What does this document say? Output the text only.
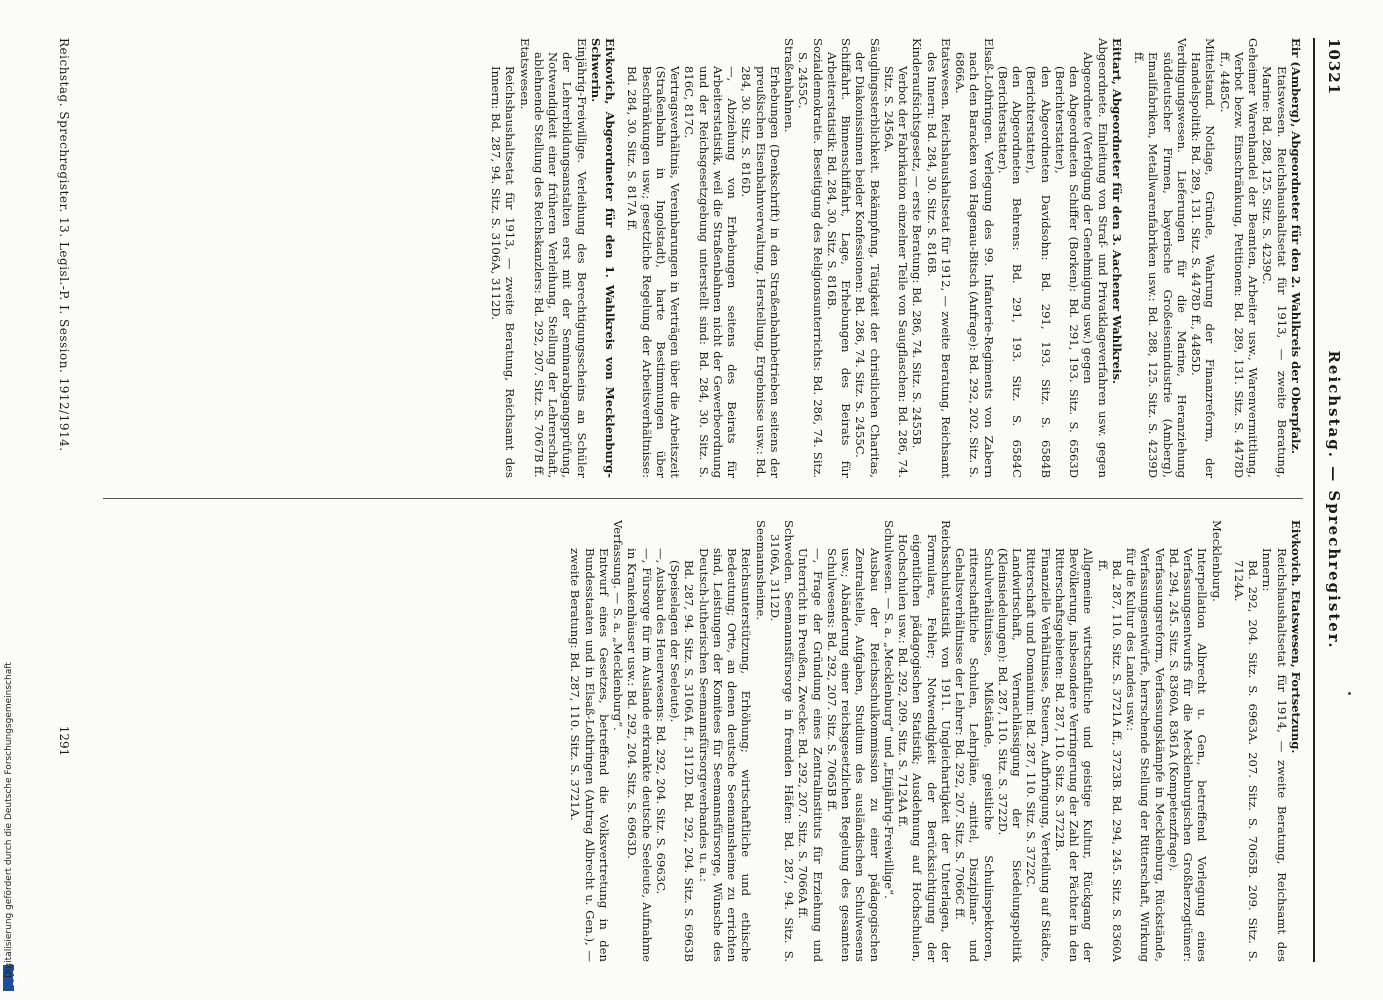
Reichstag. — Sprechregister.
10321

Eir (Amberg), Abgeordneter für den 2. Wahlkreis der Oberpfalz.

Etatswesen. Reichshaushaltsetat für 1913, — zweite Beratung, Marine: Bd. 288, 125. Sitz. S. 4239C.

Geheimer Warenhandel der Beamten, Arbeiter usw., Warenvermittlung, Verbot bezw. Einschränkung, Petitionen: Bd. 289, 131. Sitz. S. 4478D ff., 4485C.

Mittelstand. Notlage, Gründe, Wahrung der Finanzreform, der Handelspolitik: Bd. 289, 131. Sitz. S. 4478D ff., 4485D.

Verdingungswesen. Lieferungen für die Marine, Heranziehung süddeutscher Firmen, bayerische Großeisenindustrie (Amberg), Emailfabriken, Metallwarenfabriken usw.: Bd. 288, 125. Sitz. S. 4239D ff.

Eittart, Abgeordneter für den 3. Aachener Wahlkreis.

Abgeordnete. Einleitung von Straf- und Privatklageverfahren usw. gegen Abgeordnete (Verfolgung der Genehmigung usw.) gegen

den Abgeordneten Schiffer (Borken): Bd. 291, 193. Sitz. S. 6563D (Berichterstatter),

den Abgeordneten Davidsohn: Bd. 291, 193. Sitz. S. 6584B (Berichterstatter),

den Abgeordneten Behrens: Bd. 291, 193. Sitz. S. 6584C (Berichterstatter).

Elsaß-Lothringen. Verlegung des 99. Infanterie-Regiments von Zabern nach den Baracken von Hagenau-Bitsch (Anfrage): Bd. 292, 202. Sitz. S. 6866A.

Etatswesen. Reichshaushaltsetat für 1912, — zweite Beratung, Reichsamt des Innern: Bd. 284, 30. Sitz. S. 816B.

Kinderaufsichtsgesetz, — erste Beratung: Bd. 286, 74. Sitz. S. 2455B.

Verbot der Fabrikation einzelner Teile von Saugflaschen: Bd. 286, 74. Sitz. S. 2456A.

Säuglingssterblichkeit. Bekämpfung, Tätigkeit der christlichen Charitas, der Diakonissinnen beider Konfessionen: Bd. 286, 74. Sitz. S. 2455C.

Schiffahrt. Binnenschiffahrt, Lage, Erhebungen des Beirats für Arbeiterstatistik: Bd. 284, 30. Sitz. S. 816B.

Sozialdemokratie. Beseitigung des Religionsunterrichts: Bd. 286, 74. Sitz. S. 2455C.

Straßenbahnen.

Erhebungen (Denkschrift) in den Straßenbahnbetrieben seitens der preußischen Eisenbahnverwaltung, Herstellung, Ergebnisse usw.: Bd. 284, 30. Sitz. S. 816D.

—, Abziehung von Erhebungen seitens des Beirats für Arbeiterstatistik, weil die Straßenbahnen nicht der Gewerbeordnung und der Reichsgesetzgebung unterstellt sind: Bd. 284, 30. Sitz. S. 816C, 817C.

Vertragsverhältnis, Vereinbarungen in Verträgen über die Arbeitszeit (Straßenbahn in Ingolstadt), harte Bestimmungen über Beschränkungen usw.; gesetzliche Regelung der Arbeitsverhältnisse: Bd. 284, 30. Sitz. S. 817A ff.

Eivkovich, Abgeordneter für den 1. Wahlkreis von Mecklenburg-Schwerin.

Einjährig-Freiwillige. Verleihung des Berechtigungsscheins an Schüler der Lehrerbildungsanstalten erst mit der Seminarabgangsprüfung, Notwendigkeit einer früheren Verleihung, Stellung der Lehrerschaft, ablehnende Stellung des Reichskanzlers: Bd. 292, 207. Sitz. S. 7067B ff.

Etatswesen.

Reichshaushaltsetat für 1913, — zweite Beratung, Reichsamt des Innern: Bd. 287, 94. Sitz. S. 3106A, 3112D.

Eivkovich. Etatswesen, Fortsetzung.

Reichshaushaltsetat für 1914, — zweite Beratung, Reichsamt des Innern:

Bd. 292, 204. Sitz. S. 6963A. 207. Sitz. S. 7065B. 209. Sitz. S. 7124A.

Mecklenburg.

Interpellation Albrecht u. Gen., betreffend Vorlegung eines Verfassungsentwurfs für die Mecklenburgischen Großherzogtümer: Bd. 294, 245. Sitz. S. 8360A, 8361A (Kompetenzfrage).

Verfassungsreform, Verfassungskämpfe in Mecklenburg, Rückstände, Verfassungsentwürfe, herrschende Stellung der Ritterschaft, Wirkung für die Kultur des Landes usw.:

Bd. 287, 110. Sitz. S. 3721A ff., 3723B. Bd. 294, 245. Sitz. S. 8360A ff.

Allgemeine wirtschaftliche und geistige Kultur, Rückgang der Bevölkerung, insbesondere Verringerung der Zahl der Pächter in den Ritterschaftsgebieten: Bd. 287, 110. Sitz. S. 3722B.

Finanzielle Verhältnisse, Steuern, Aufbringung, Verteilung auf Städte, Ritterschaft und Domanium: Bd. 287, 110. Sitz. S. 3722C.

Landwirtschaft, Vernachlässigung der Siedelungspolitik (Kleinsiedelungen): Bd. 287, 110. Sitz. S. 3722D.

Schulverhältnisse, Mißstände, geistliche Schulinspektoren, ritterschaftliche Schulen, Lehrpläne, -mittel, Disziplinar- und Gehaltsverhältnisse der Lehrer: Bd. 292, 207. Sitz. S. 7066C ff.

Reichsschulstatistik von 1911. Ungleichartigkeit der Unterlagen, der Formulare, Fehler; Notwendigkeit der Berücksichtigung der eigentlichen pädagogischen Statistik; Ausdehnung auf Hochschulen, Hochschulen usw.: Bd. 292, 209. Sitz. S. 7124A ff.

Schulwesen. — S. a. „Mecklenburg“ und „Einjährig-Freiwillige“.

Ausbau der Reichsschulkommission zu einer pädagogischen Zentralstelle, Aufgaben, Studium des ausländischen Schulwesens usw.; Abänderung einer reichsgesetzlichen Regelung des gesamten Schulwesens: Bd. 292, 207. Sitz. S. 7065B ff.

—, Frage der Gründung eines Zentralinstituts für Erziehung und Unterricht in Preußen, Zwecke: Bd. 292, 207. Sitz. S. 7066A ff.

Schweden. Seemannsfürsorge in fremden Häfen: Bd. 287, 94. Sitz. S. 3106A, 3112D.

Seemannsheime.

Reichsunterstützung, Erhöhung; wirtschaftliche und ethische Bedeutung; Orte, an denen deutsche Seemannsheime zu errichten sind, Leistungen der Komitees für Seemannsfürsorge, Wünsche des Deutsch-lutherischen Seemannsfürsorgeverbandes u. a.:

Bd. 287, 94. Sitz. S. 3106A ff., 3112D. Bd. 292, 204. Sitz. S. 6963B (Speiselagen der Seeleute).

—, Ausbau des Heuerwesens: Bd. 292, 204. Sitz. S. 6963C.

—, Fürsorge für im Auslande erkrankte deutsche Seeleute, Aufnahme in Krankenhäuser usw.: Bd. 292, 204. Sitz. S. 6963D.

Verfassung. — S. a. „Mecklenburg“.

Entwurf eines Gesetzes, betreffend die Volksvertretung in den Bundesstaaten und in Elsaß-Lothringen (Antrag Albrecht u. Gen.), — zweite Beratung: Bd. 287, 110. Sitz. S. 3721A.

Reichstag. Sprechregister. 13. Legisl.-P. I. Session. 1912/1914.
1291
Digitalisierung gefördert durch die Deutsche Forschungsgemeinschaft
